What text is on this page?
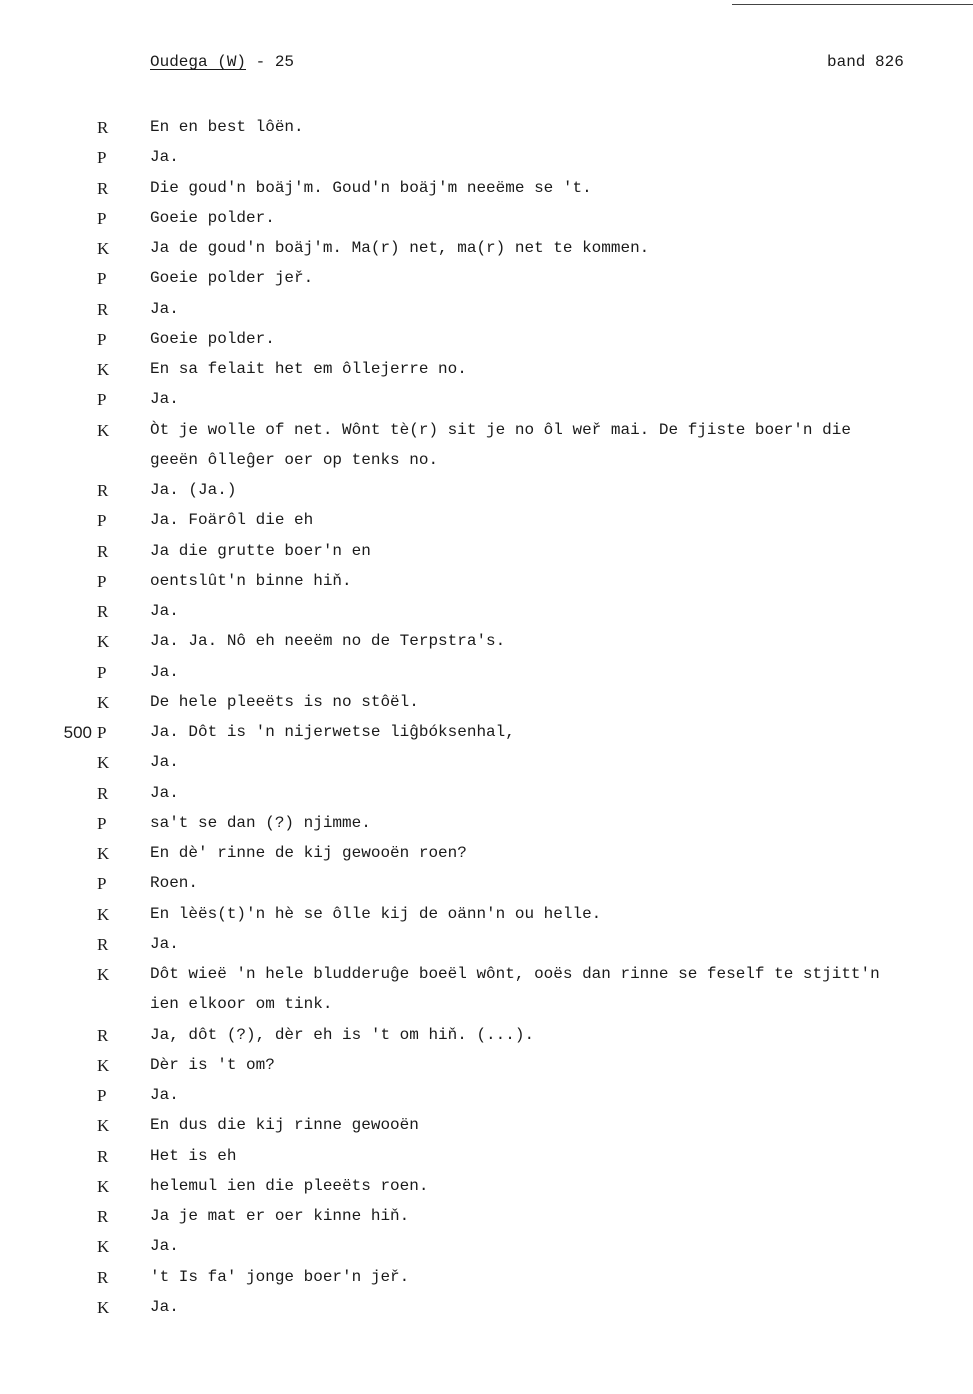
Oudega (W) - 25	band 826
R	En en best lôën.
P	Ja.
R	Die goud'n boäj'm. Goud'n boäj'm neeëme se 't.
P	Goeie polder.
K	Ja de goud'n boäj'm. Ma(r) net, ma(r) net te kommen.
P	Goeie polder jeř.
R	Ja.
P	Goeie polder.
K	En sa felait het em ôllejerre no.
P	Ja.
K	Òt je wolle of net. Wônt tè(r) sit je no ôl weř mai. De fjiste boer'n die
geeën ôlleĝer oer op tenks no.
R	Ja. (Ja.)
P	Ja. Foärôl die eh
R	Ja die grutte boer'n en
P	oentslût'n binne hiň.
R	Ja.
K	Ja. Ja. Nô eh neeëm no de Terpstra's.
P	Ja.
K	De hele pleeëts is no stôël.
500 P	Ja. Dôt is 'n nijerwetse liĝbóksenhal,
K	Ja.
R	Ja.
P	sa't se dan (?) njimme.
K	En dè' rinne de kij gewooën roen?
P	Roen.
K	En lèës(t)'n hè se ôlle kij de oänn'n ou helle.
R	Ja.
K	Dôt wieë 'n hele bludderuĝe boeël wônt, ooës dan rinne se feself te stjitt'n
ien elkoor om tink.
R	Ja, dôt (?), dèr eh is 't om hiň. (...).
K	Dèr is 't om?
P	Ja.
K	En dus die kij rinne gewooën
R	Het is eh
K	helemul ien die pleeëts roen.
R	Ja je mat er oer kinne hiň.
K	Ja.
R	't Is fa' jonge boer'n jeř.
K	Ja.
